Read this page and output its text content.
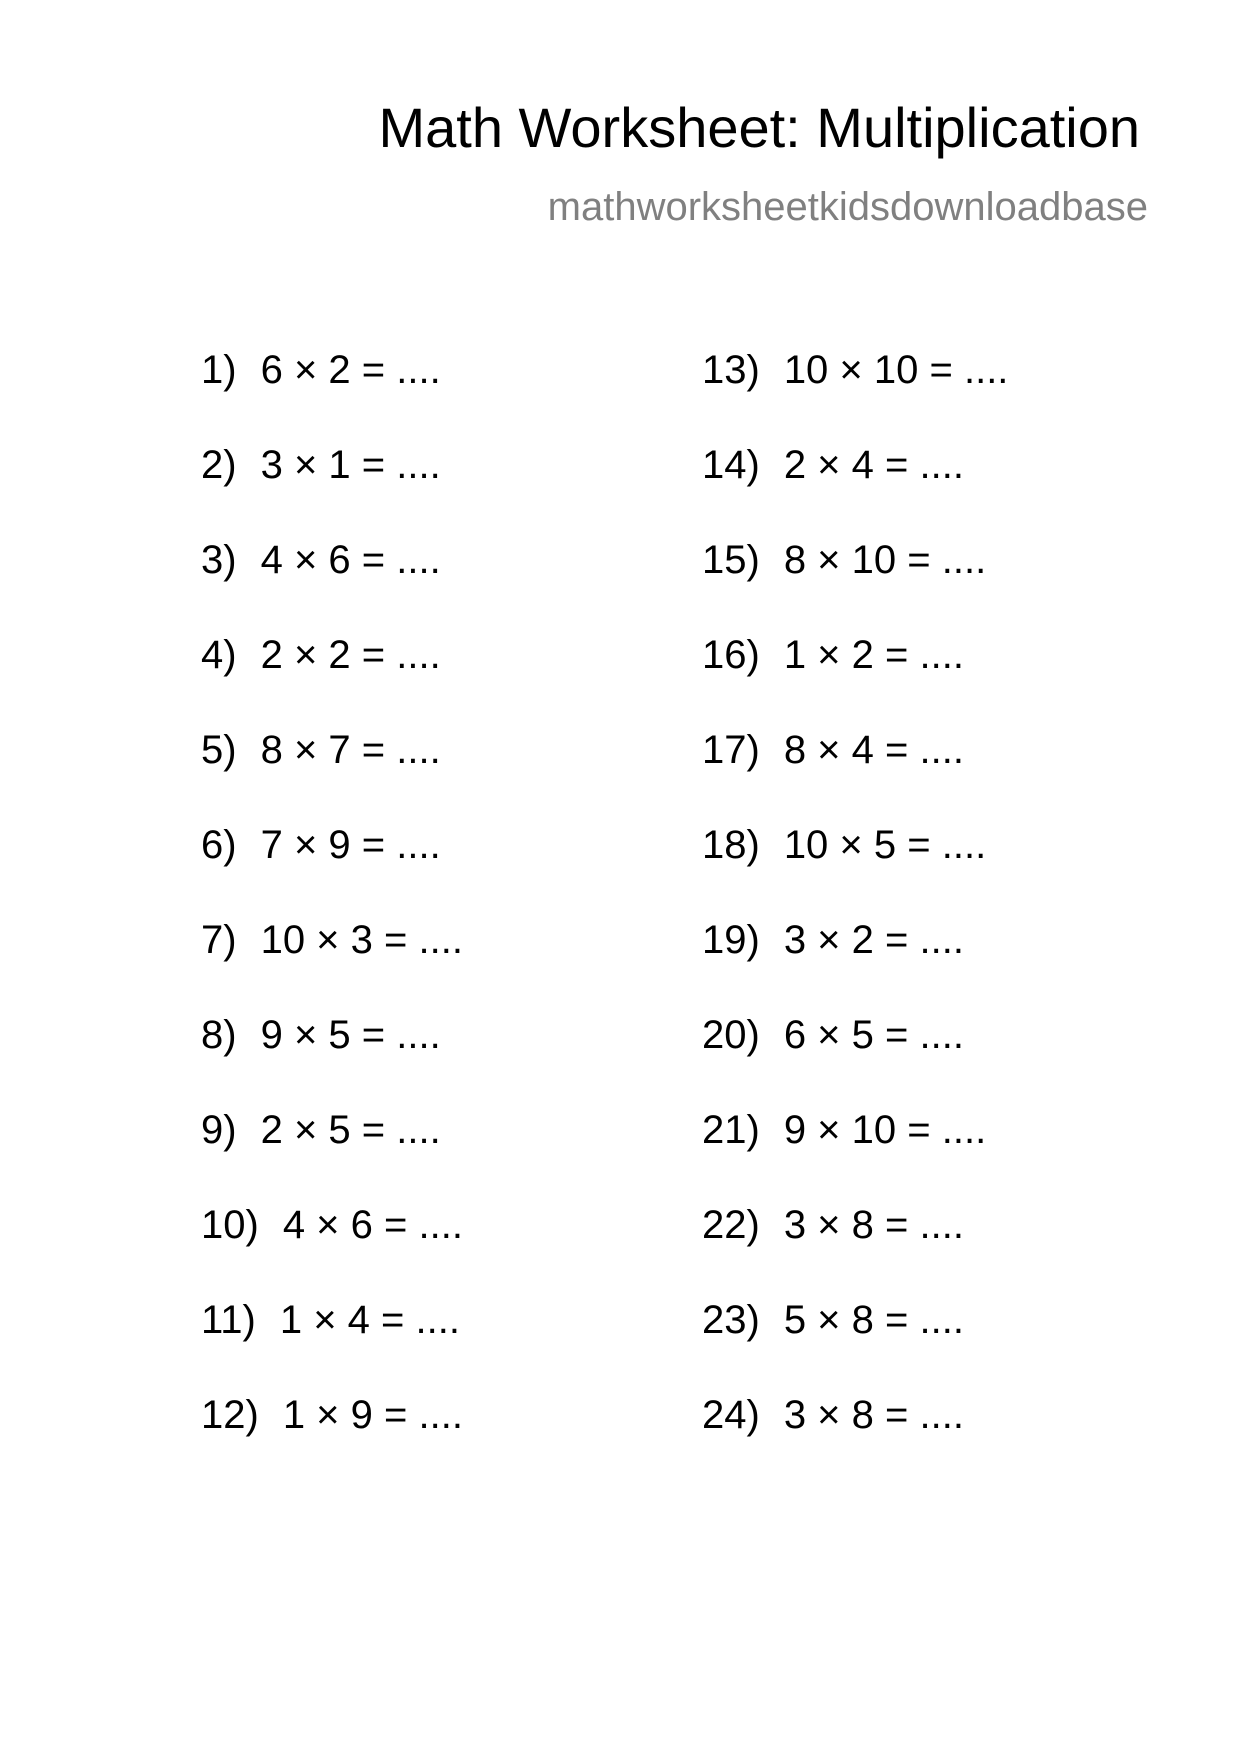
Math Worksheet: Multiplication
mathworksheetkidsdownloadbase
1) 6 × 2 = ....
2) 3 × 1 = ....
3) 4 × 6 = ....
4) 2 × 2 = ....
5) 8 × 7 = ....
6) 7 × 9 = ....
7) 10 × 3 = ....
8) 9 × 5 = ....
9) 2 × 5 = ....
10) 4 × 6 = ....
11) 1 × 4 = ....
12) 1 × 9 = ....
13) 10 × 10 = ....
14) 2 × 4 = ....
15) 8 × 10 = ....
16) 1 × 2 = ....
17) 8 × 4 = ....
18) 10 × 5 = ....
19) 3 × 2 = ....
20) 6 × 5 = ....
21) 9 × 10 = ....
22) 3 × 8 = ....
23) 5 × 8 = ....
24) 3 × 8 = ....
